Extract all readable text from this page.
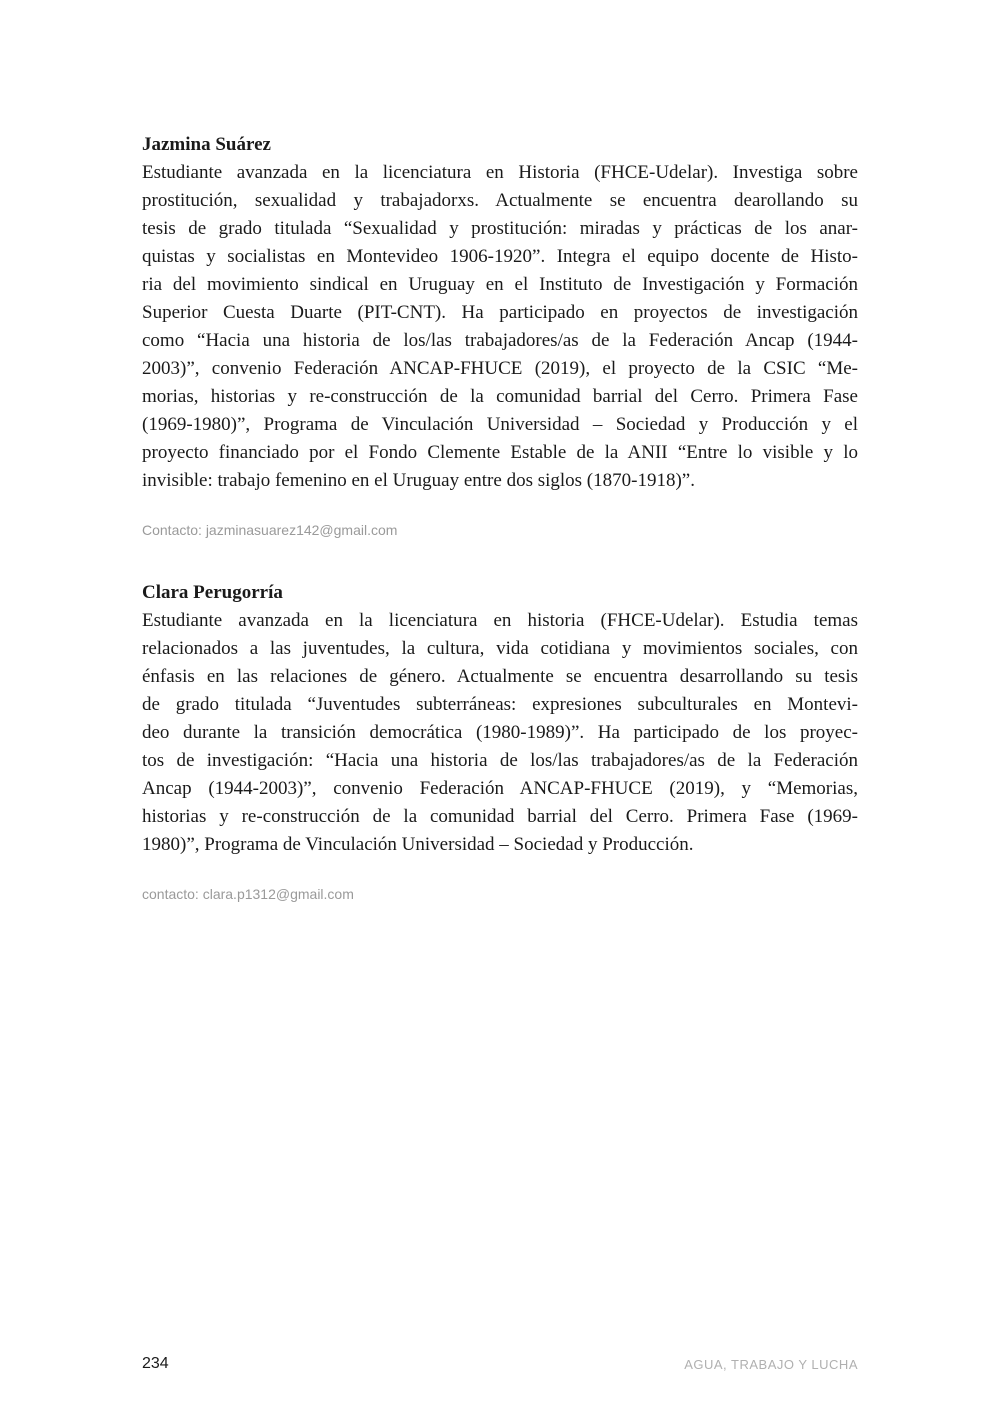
Jazmina Suárez
Estudiante avanzada en la licenciatura en Historia (FHCE-Udelar). Investiga sobre
prostitución, sexualidad y trabajadorxs. Actualmente se encuentra dearollando su
tesis de grado titulada “Sexualidad y prostitución: miradas y prácticas de los anar-
quistas y socialistas en Montevideo 1906-1920”. Integra el equipo docente de Histo-
ria del movimiento sindical en Uruguay en el Instituto de Investigación y Formación
Superior Cuesta Duarte (PIT-CNT). Ha participado en proyectos de investigación
como “Hacia una historia de los/las trabajadores/as de la Federación Ancap (1944-
2003)”, convenio Federación ANCAP-FHUCE (2019), el proyecto de la CSIC “Me-
morias, historias y re-construcción de la comunidad barrial del Cerro. Primera Fase
(1969-1980)”, Programa de Vinculación Universidad – Sociedad y Producción y el
proyecto financiado por el Fondo Clemente Estable de la ANII “Entre lo visible y lo
invisible: trabajo femenino en el Uruguay entre dos siglos (1870-1918)”.
Contacto: jazminasuarez142@gmail.com
Clara Perugorría
Estudiante avanzada en la licenciatura en historia (FHCE-Udelar). Estudia temas
relacionados a las juventudes, la cultura, vida cotidiana y movimientos sociales, con
énfasis en las relaciones de género. Actualmente se encuentra desarrollando su tesis
de grado titulada “Juventudes subterráneas: expresiones subculturales en Montevi-
deo durante la transición democrática (1980-1989)”. Ha participado de los proyec-
tos de investigación: “Hacia una historia de los/las trabajadores/as de la Federación
Ancap (1944-2003)”, convenio Federación ANCAP-FHUCE (2019), y “Memorias,
historias y re-construcción de la comunidad barrial del Cerro. Primera Fase (1969-
1980)”, Programa de Vinculación Universidad – Sociedad y Producción.
contacto: clara.p1312@gmail.com
234	AGUA, TRABAJO Y LUCHA
